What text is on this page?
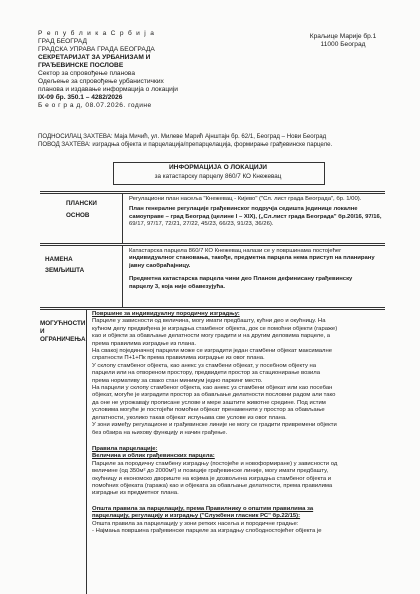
Р е п у б л и к а С р б и ј а
ГРАД БЕОГРАД
ГРАДСКА УПРАВА ГРАДА БЕОГРАДА
СЕКРЕТАРИЈАТ ЗА УРБАНИЗАМ И
ГРАЂЕВИНСКЕ ПОСЛОВЕ
Сектор за спровођење планова
Одељење за спровођење урбанистичких
планова и издавање информација о локацији
IX-09 бр. 350.1 – 4282/2026
Б е о г р а д, 08.07.2026. године
Краљице Марије бр.1
11000 Београд
ПОДНОСИЛАЦ ЗАХТЕВА: Маја Мичић, ул. Милеве Марић Ајнштајн бр. 62/1, Београд – Нови Београд
ПОВОД ЗАХТЕВА: изградња објекта и парцелација/препарцелација, формирање грађевинске парцеле.
ИНФОРМАЦИЈА О ЛОКАЦИЈИ
за катастарску парцелу 860/7 КО Кнежевац
ПЛАНСКИ
ОСНОВ
Регулациони план насеља "Кнежевац - Кијево" ("Сл. лист града Београда", бр. 1/00).
План генералне регулације грађевинског подручја седишта јединице локалне
самоуправе – град Београд (целине I – XIX), („Сл.лист града Београда" бр.20/16, 97/16,
69/17, 97/17, 72/21, 27/22, 45/23, 66/23, 91/23, 36/26).
НАМЕНА
ЗЕМЉИШТА
Катастарска парцела 860/7 КО Кнежевац налази се у површинама постојећег
индивидуалног становања, такође, предметна парцела нема приступ на планирану
јавну саобраћајницу.
Предметна катастарска парцела чини део Планом дефинисану грађевинску
парцелу 3, која није обавезујућа.
МОГУЋНОСТИ
И
ОГРАНИЧЕЊА
Површине за индивидуалну породичну изградњу:
Парцеле у зависности од величина, могу имати предбашту, кућни део и окућницу. На
кућном делу предвиђена је изградња стамбеног објекта, док се помоћни објекти (гараже)
као и објекти за обављање делатности могу градити и на другим деловима парцеле, а
према правилима изградње из плана.
На свакој појединачној парцели може се изградити један стамбени објекат максималне
спратности П+1+Пк према правилима изградње из овог плана.
У склопу стамбеног објекта, као анекс уз стамбени објекат, у посебном објекту на
парцели или на отвореном простору, предвидети простор за стационирање возила
према нормативу за свако стан минимум једно паркинг место.
На парцели у склопу стамбеног објекта, као анекс уз стамбени објекат или као посебан
објекат, могуће је изградити простор за обављање делатности пословни радом али тако
да оне не угрожавају прописане услове и мере заштите животне средине. Под истим
условима могуће је постојећи помоћни објекат пренаменити у простор за обављање
делатности, уколико такав објекат испуњава све услове из овог плана.
У зони између регулационе и грађевинске линије не могу се градити привремени објекти
без обзира на њихову функцију и начин грађење.
Правила парцелације:
Величина и облик грађевинских парцела:
Парцеле за породичну стамбену изградњу (постојеће и новоформиране) у зависности од
величине (од 350м² до 2000м²) и позиције грађевинске линије, могу имати предбашту,
окућницу и економско двориште на којима је дозвољена изградња стамбеног објекта и
помоћних објеката (гаража) као и објеката за обављање делатности, према правилима
изградње из предметног плана.
Општа правила за парцелацију, према Правилнику о општим правилима за
парцелацију, регулацију и изградњу ("Службени гласник РС" бр.22/15):
Општа правила за парцелацију у зони ретких насеља и породичне градње:
- Најмања површина грађевинске парцеле за изградњу слободностојећег објекта је
